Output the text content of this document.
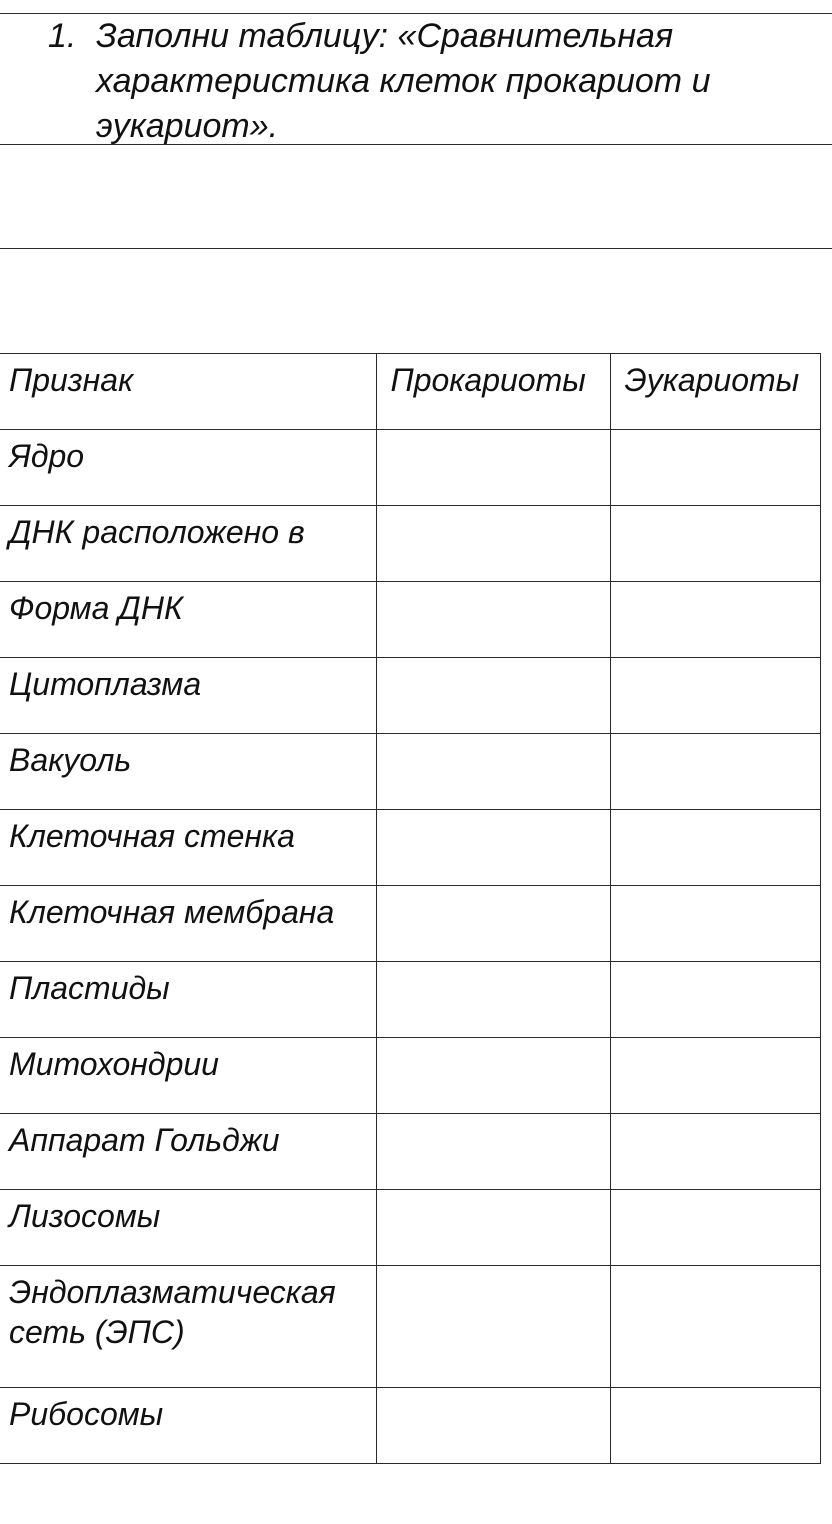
1. Заполни таблицу: «Сравнительная характеристика клеток прокариот и эукариот».
Признак	Прокариоты	Эукариоты
Ядро		
ДНК расположено в		
Форма ДНК		
Цитоплазма		
Вакуоль		
Клеточная стенка		
Клеточная мембрана		
Пластиды		
Митохондрии		
Аппарат Гольджи		
Лизосомы		
Эндоплазматическая сеть (ЭПС)		
Рибосомы		
